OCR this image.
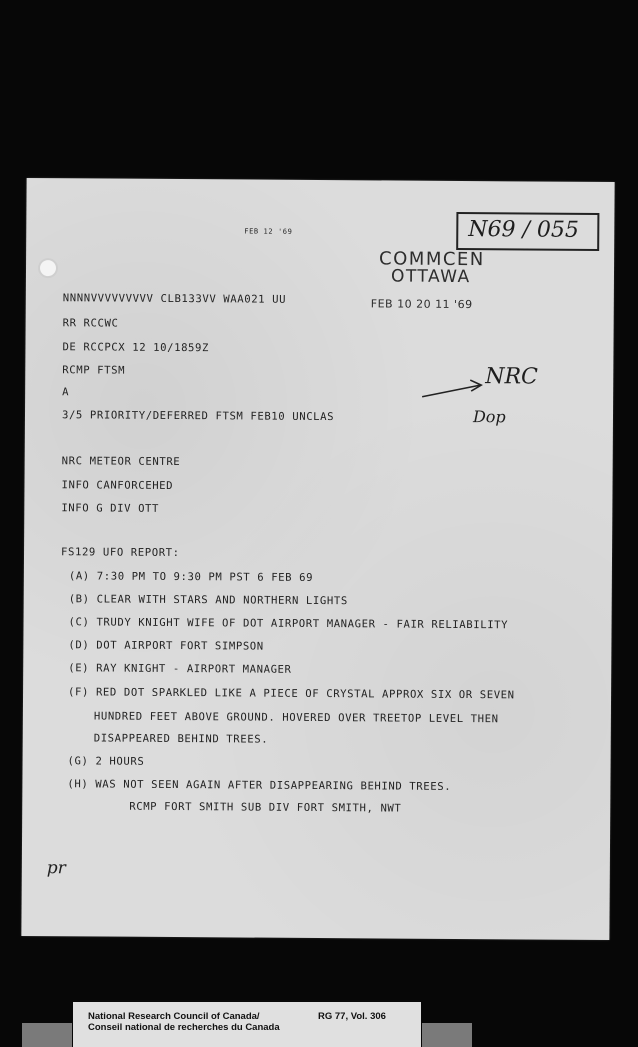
FEB 12 '69	N69 / 055
COMMCEN
OTTAWA
FEB 10 20 11 '69
NNNNVVVVVVVVV CLB133VV WAA021 UU
RR RCCWC
DE RCCPCX 12 10/1859Z
RCMP FTSM
A
3/5 PRIORITY/DEFERRED FTSM FEB10 UNCLAS
NRC
Dop
NRC METEOR CENTRE
INFO CANFORCEHED
INFO G DIV OTT
FS129 UFO REPORT:
(A) 7:30 PM TO 9:30 PM PST 6 FEB 69
(B) CLEAR WITH STARS AND NORTHERN LIGHTS
(C) TRUDY KNIGHT WIFE OF DOT AIRPORT MANAGER - FAIR RELIABILITY
(D) DOT AIRPORT FORT SIMPSON
(E) RAY KNIGHT - AIRPORT MANAGER
(F) RED DOT SPARKLED LIKE A PIECE OF CRYSTAL APPROX SIX OR SEVEN
HUNDRED FEET ABOVE GROUND. HOVERED OVER TREETOP LEVEL THEN
DISAPPEARED BEHIND TREES.
(G) 2 HOURS
(H) WAS NOT SEEN AGAIN AFTER DISAPPEARING BEHIND TREES.
RCMP FORT SMITH SUB DIV FORT SMITH, NWT
pr
National Research Council of Canada/
Conseil national de recherches du Canada
RG 77, Vol. 306
